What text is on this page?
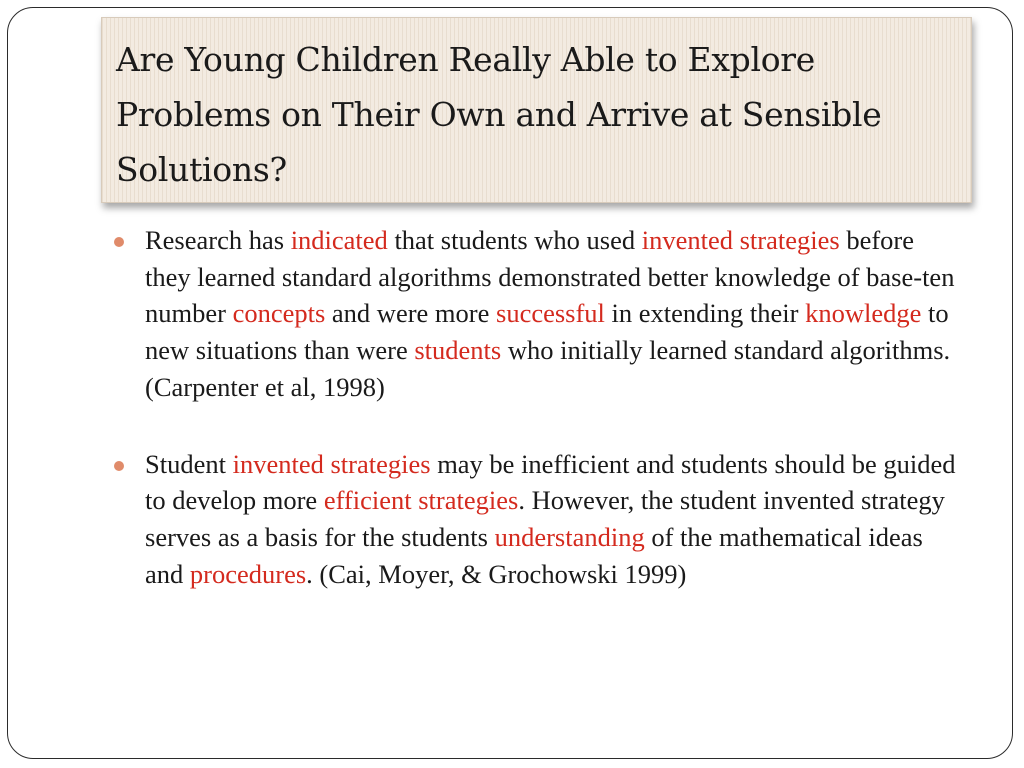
Are Young Children Really Able to Explore Problems on Their Own and Arrive at Sensible Solutions?
Research has indicated that students who used invented strategies before they learned standard algorithms demonstrated better knowledge of base-ten number concepts and were more successful in extending their knowledge to new situations than were students who initially learned standard algorithms. (Carpenter et al, 1998)
Student invented strategies may be inefficient and students should be guided to develop more efficient strategies. However, the student invented strategy serves as a basis for the students understanding of the mathematical ideas and procedures. (Cai, Moyer, & Grochowski 1999)
